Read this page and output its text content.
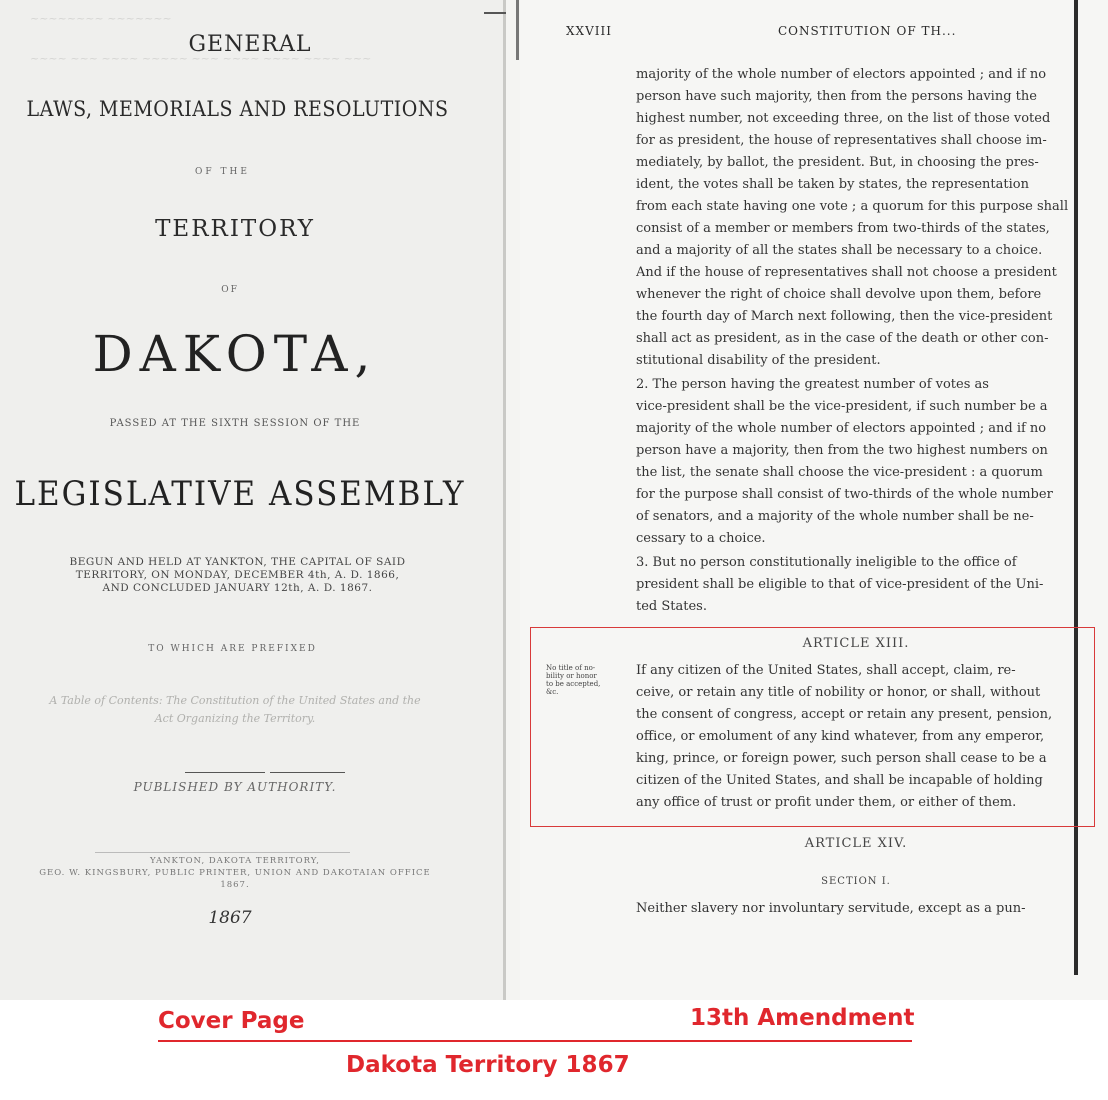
~~~~~~~~ ~~~~~~~
~~~~ ~~~ ~~~~ ~~~~~ ~~~ ~~~~ ~~~~ ~~~~ ~~~
GENERAL
LAWS, MEMORIALS AND RESOLUTIONS
OF THE
TERRITORY
OF
DAKOTA,
PASSED AT THE SIXTH SESSION OF THE
LEGISLATIVE ASSEMBLY
BEGUN AND HELD AT YANKTON, THE CAPITAL OF SAID
TERRITORY, ON MONDAY, DECEMBER 4th, A. D. 1866,
AND CONCLUDED JANUARY 12th, A. D. 1867.
TO WHICH ARE PREFIXED
A Table of Contents: The Constitution of the United States and the
Act Organizing the Territory.
PUBLISHED BY AUTHORITY.
YANKTON, DAKOTA TERRITORY,
GEO. W. KINGSBURY, PUBLIC PRINTER, UNION AND DAKOTAIAN OFFICE
1867.
1867
XXVIII	CONSTITUTION OF TH...
majority of the whole number of electors appointed ; and if no
person have such majority, then from the persons having the
highest number, not exceeding three, on the list of those voted
for as president, the house of representatives shall choose im-
mediately, by ballot, the president. But, in choosing the pres-
ident, the votes shall be taken by states, the representation
from each state having one vote ; a quorum for this purpose shall
consist of a member or members from two-thirds of the states,
and a majority of all the states shall be necessary to a choice.
And if the house of representatives shall not choose a president
whenever the right of choice shall devolve upon them, before
the fourth day of March next following, then the vice-president
shall act as president, as in the case of the death or other con-
stitutional disability of the president.
2. The person having the greatest number of votes as
vice-president shall be the vice-president, if such number be a
majority of the whole number of electors appointed ; and if no
person have a majority, then from the two highest numbers on
the list, the senate shall choose the vice-president : a quorum
for the purpose shall consist of two-thirds of the whole number
of senators, and a majority of the whole number shall be ne-
cessary to a choice.
3. But no person constitutionally ineligible to the office of
president shall be eligible to that of vice-president of the Uni-
ted States.
ARTICLE XIII.
No title of no-
bility or honor
to be accepted,
&c.
If any citizen of the United States, shall accept, claim, re-
ceive, or retain any title of nobility or honor, or shall, without
the consent of congress, accept or retain any present, pension,
office, or emolument of any kind whatever, from any emperor,
king, prince, or foreign power, such person shall cease to be a
citizen of the United States, and shall be incapable of holding
any office of trust or profit under them, or either of them.
ARTICLE XIV.
SECTION I.
Neither slavery nor involuntary servitude, except as a pun-
Cover Page	13th Amendment
Dakota Territory 1867
